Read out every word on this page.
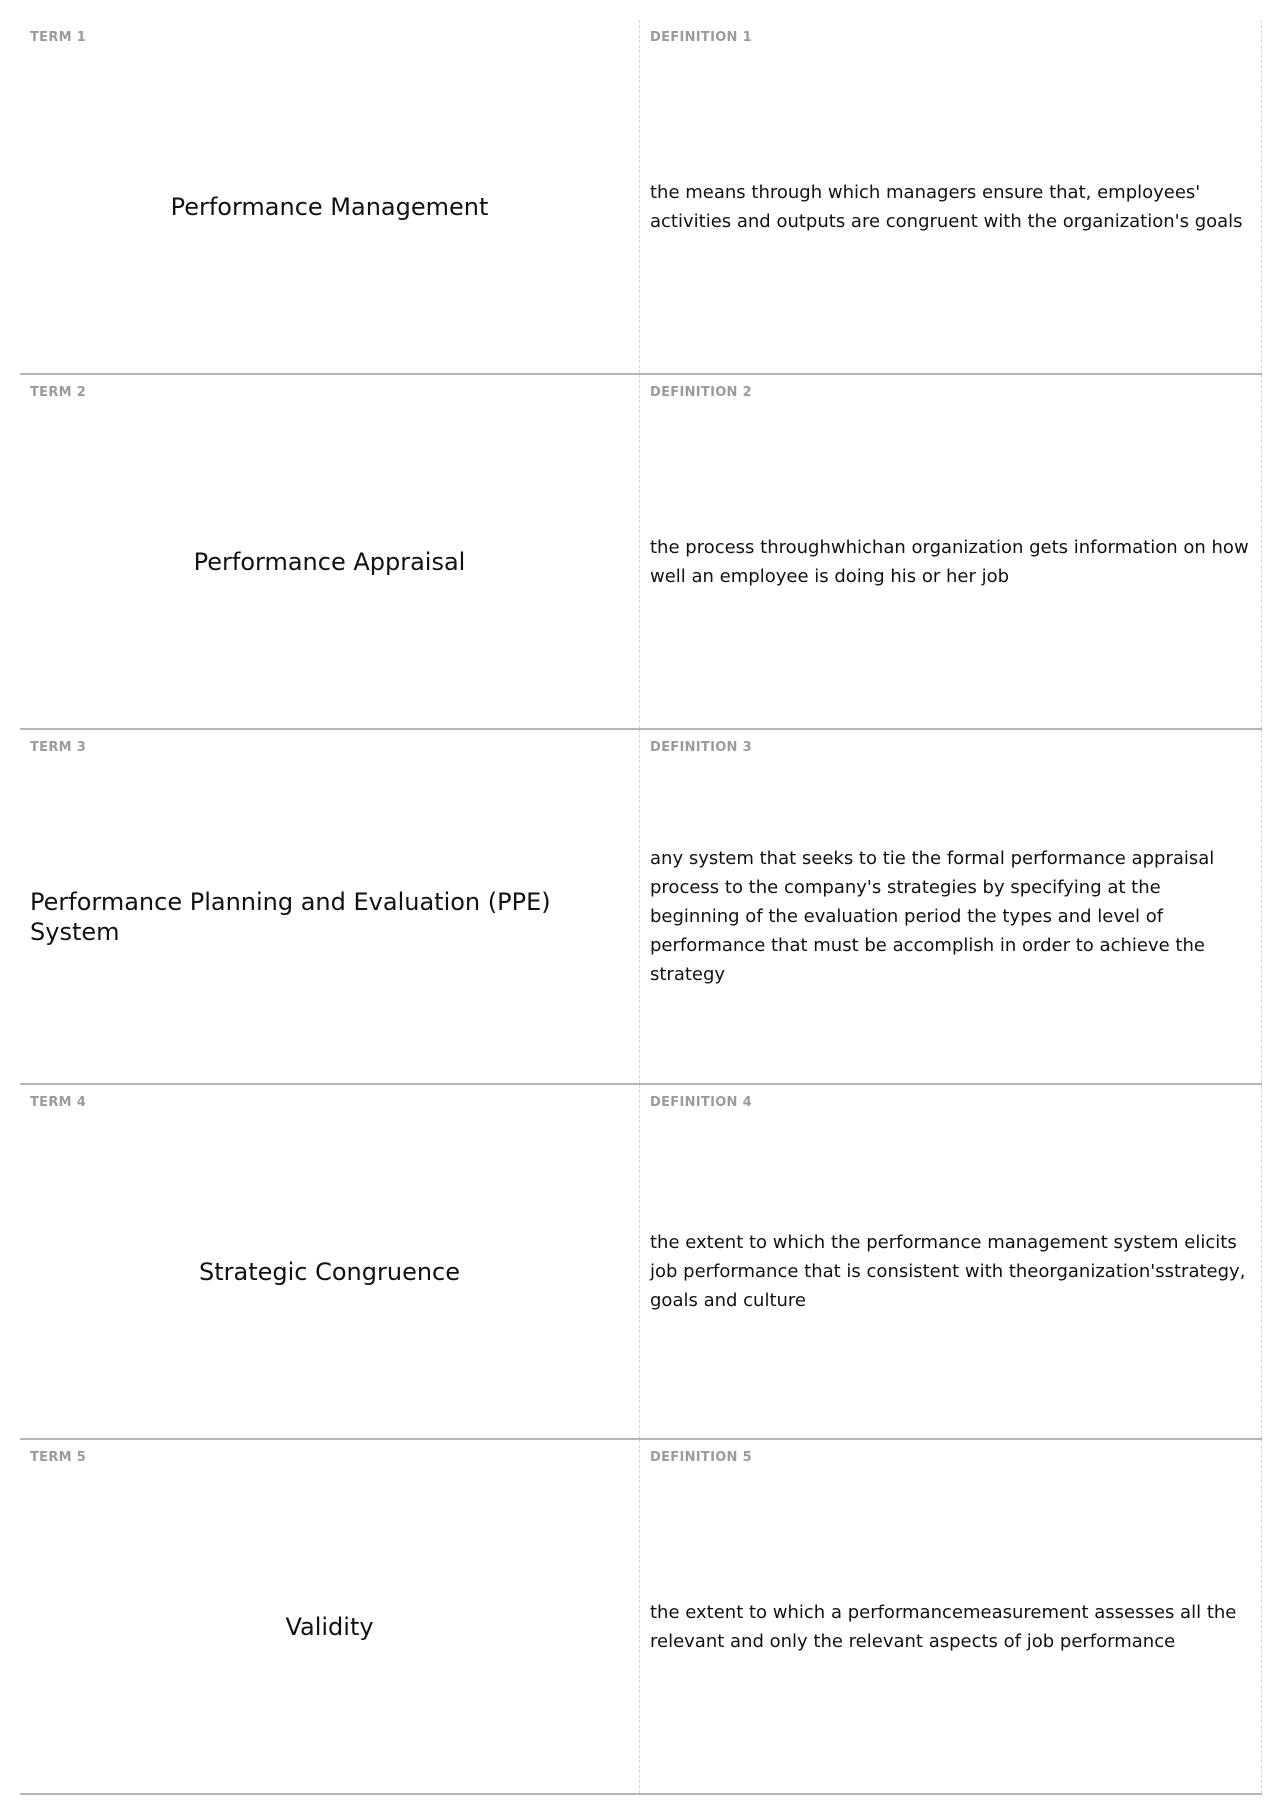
TERM 1
Performance Management
DEFINITION 1
the means through which managers ensure that, employees' activities and outputs are congruent with the organization's goals
TERM 2
Performance Appraisal
DEFINITION 2
the process throughwhichan organization gets information on how well an employee is doing his or her job
TERM 3
Performance Planning and Evaluation (PPE) System
DEFINITION 3
any system that seeks to tie the formal performance appraisal process to the company's strategies by specifying at the beginning of the evaluation period the types and level of performance that must be accomplish in order to achieve the strategy
TERM 4
Strategic Congruence
DEFINITION 4
the extent to which the performance management system elicits job performance that is consistent with theorganization'sstrategy, goals and culture
TERM 5
Validity
DEFINITION 5
the extent to which a performancemeasurement assesses all the relevant and only the relevant aspects of job performance
